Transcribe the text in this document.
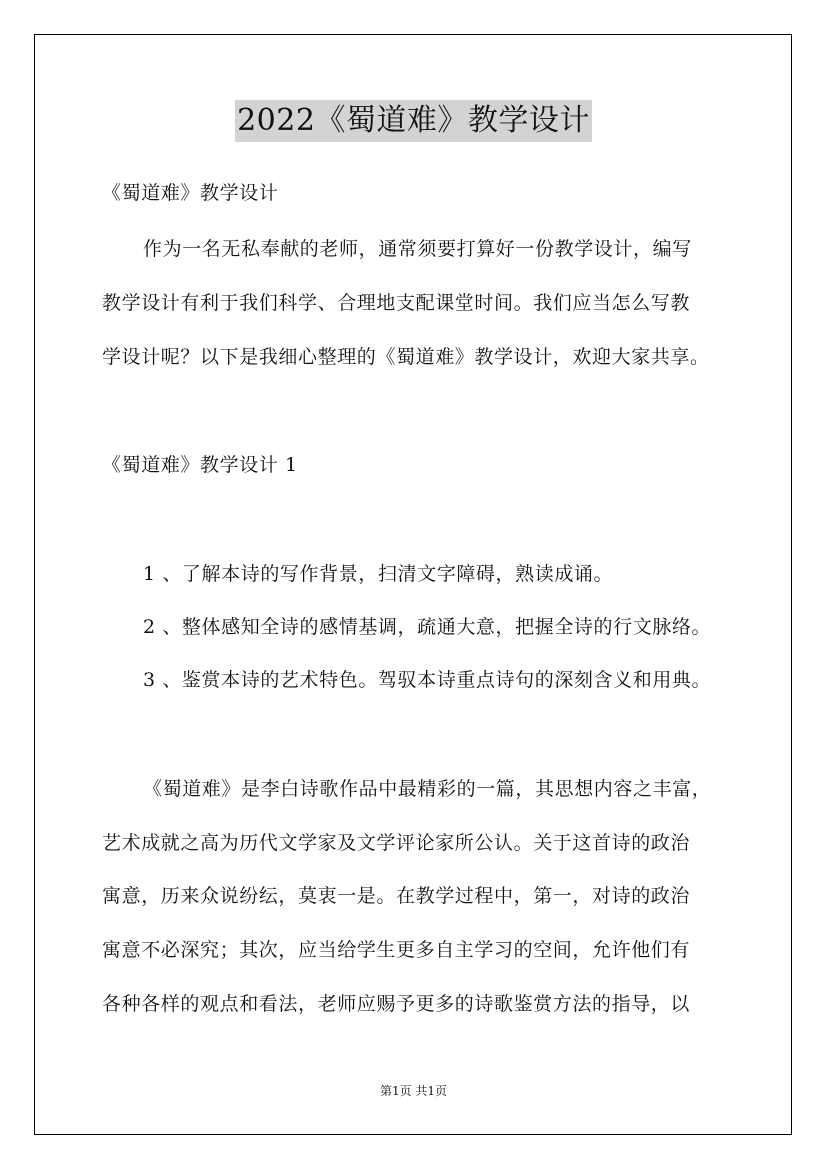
2022《蜀道难》教学设计
《蜀道难》教学设计
作为一名无私奉献的老师，通常须要打算好一份教学设计，编写
教学设计有利于我们科学、合理地支配课堂时间。我们应当怎么写教
学设计呢？以下是我细心整理的《蜀道难》教学设计，欢迎大家共享。
《蜀道难》教学设计 1
1 、了解本诗的写作背景，扫清文字障碍，熟读成诵。
2 、整体感知全诗的感情基调，疏通大意，把握全诗的行文脉络。
3 、鉴赏本诗的艺术特色。驾驭本诗重点诗句的深刻含义和用典。
《蜀道难》是李白诗歌作品中最精彩的一篇，其思想内容之丰富，
艺术成就之高为历代文学家及文学评论家所公认。关于这首诗的政治
寓意，历来众说纷纭，莫衷一是。在教学过程中，第一，对诗的政治
寓意不必深究；其次，应当给学生更多自主学习的空间，允许他们有
各种各样的观点和看法，老师应赐予更多的诗歌鉴赏方法的指导，以
第1页 共1页
